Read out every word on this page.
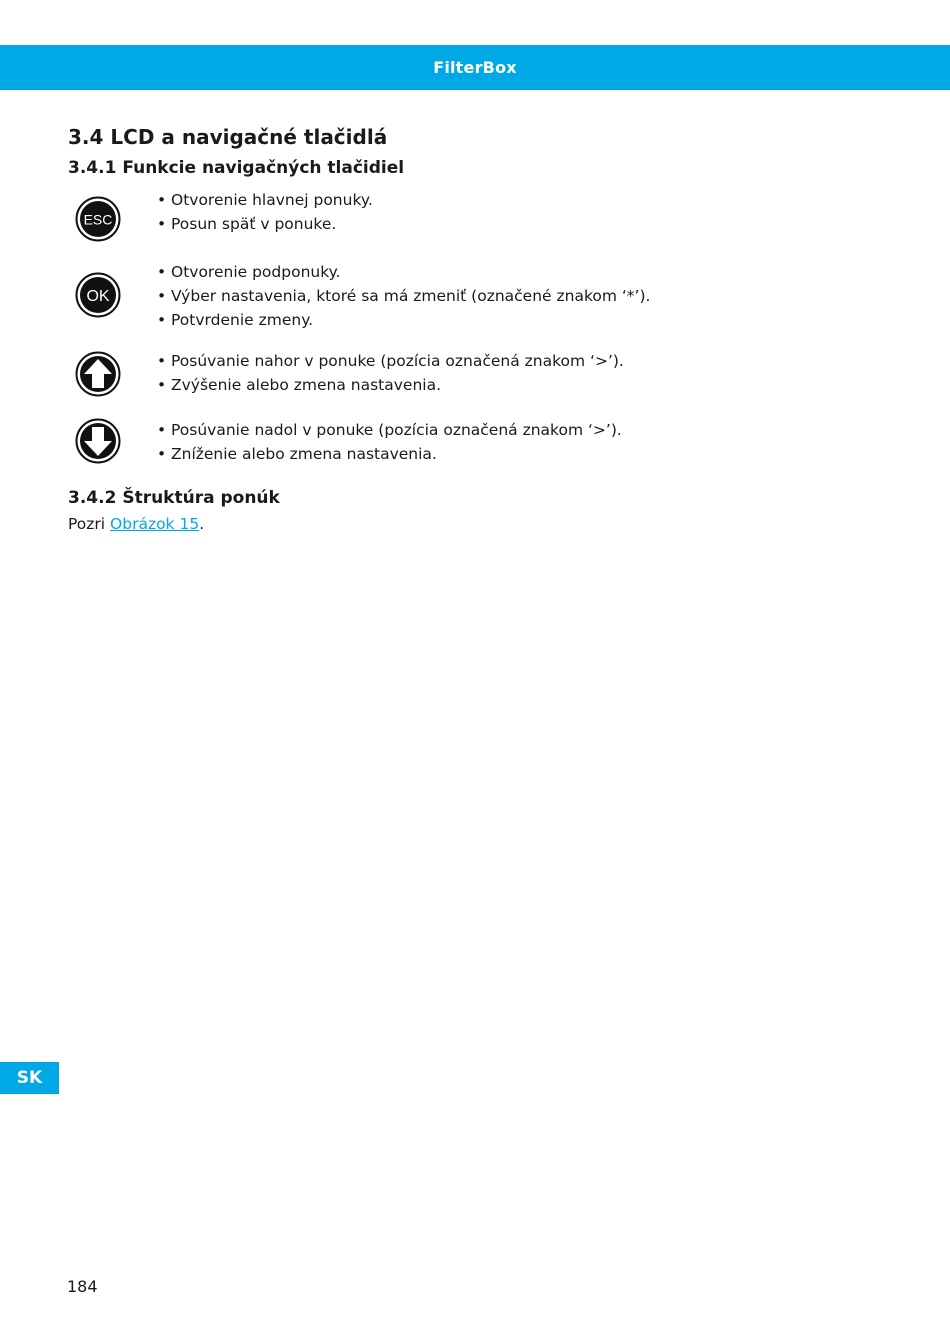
FilterBox
3.4 LCD a navigačné tlačidlá
3.4.1 Funkcie navigačných tlačidiel
ESC
• Otvorenie hlavnej ponuky.
• Posun späť v ponuke.
OK
• Otvorenie podponuky.
• Výber nastavenia, ktoré sa má zmeniť (označené znakom ‘*’).
• Potvrdenie zmeny.
• Posúvanie nahor v ponuke (pozícia označená znakom ‘>’).
• Zvýšenie alebo zmena nastavenia.
• Posúvanie nadol v ponuke (pozícia označená znakom ‘>’).
• Zníženie alebo zmena nastavenia.
3.4.2 Štruktúra ponúk

Pozri Obrázok 15.

SK
184
